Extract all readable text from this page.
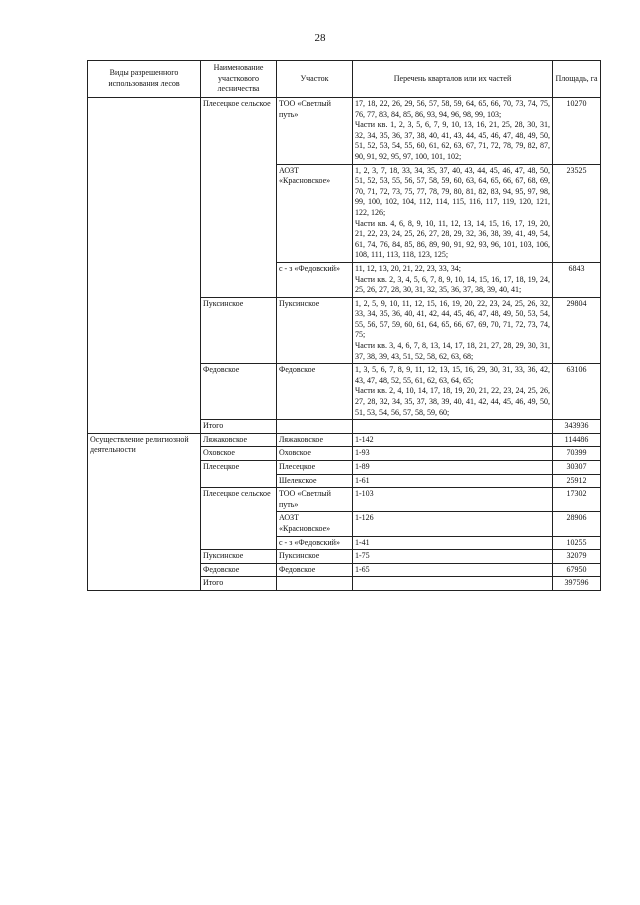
28
Виды разрешенного использования лесов	Наименование участкового лесничества	Участок	Перечень кварталов или их частей	Площадь, га
	Плесецкое сельское	ТОО «Светлый путь»	17, 18, 22, 26, 29, 56, 57, 58, 59, 64, 65, 66, 70, 73, 74, 75, 76, 77, 83, 84, 85, 86, 93, 94, 96, 98, 99, 103;
Части кв. 1, 2, 3, 5, 6, 7, 9, 10, 13, 16, 21, 25, 28, 30, 31, 32, 34, 35, 36, 37, 38, 40, 41, 43, 44, 45, 46, 47, 48, 49, 50, 51, 52, 53, 54, 55, 60, 61, 62, 63, 67, 71, 72, 78, 79, 82, 87, 90, 91, 92, 95, 97, 100, 101, 102;	10270
		АОЗТ «Красновское»	1, 2, 3, 7, 18, 33, 34, 35, 37, 40, 43, 44, 45, 46, 47, 48, 50, 51, 52, 53, 55, 56, 57, 58, 59, 60, 63, 64, 65, 66, 67, 68, 69, 70, 71, 72, 73, 75, 77, 78, 79, 80, 81, 82, 83, 94, 95, 97, 98, 99, 100, 102, 104, 112, 114, 115, 116, 117, 119, 120, 121, 122, 126;
Части кв. 4, 6, 8, 9, 10, 11, 12, 13, 14, 15, 16, 17, 19, 20, 21, 22, 23, 24, 25, 26, 27, 28, 29, 32, 36, 38, 39, 41, 49, 54, 61, 74, 76, 84, 85, 86, 89, 90, 91, 92, 93, 96, 101, 103, 106, 108, 111, 113, 118, 123, 125;	23525
		с - з «Федовский»	11, 12, 13, 20, 21, 22, 23, 33, 34;
Части кв. 2, 3, 4, 5, 6, 7, 8, 9, 10, 14, 15, 16, 17, 18, 19, 24, 25, 26, 27, 28, 30, 31, 32, 35, 36, 37, 38, 39, 40, 41;	6843
	Пуксинское	Пуксинское	1, 2, 5, 9, 10, 11, 12, 15, 16, 19, 20, 22, 23, 24, 25, 26, 32, 33, 34, 35, 36, 40, 41, 42, 44, 45, 46, 47, 48, 49, 50, 53, 54, 55, 56, 57, 59, 60, 61, 64, 65, 66, 67, 69, 70, 71, 72, 73, 74, 75;
Части кв. 3, 4, 6, 7, 8, 13, 14, 17, 18, 21, 27, 28, 29, 30, 31, 37, 38, 39, 43, 51, 52, 58, 62, 63, 68;	29804
	Федовское	Федовское	1, 3, 5, 6, 7, 8, 9, 11, 12, 13, 15, 16, 29, 30, 31, 33, 36, 42, 43, 47, 48, 52, 55, 61, 62, 63, 64, 65;
Части кв. 2, 4, 10, 14, 17, 18, 19, 20, 21, 22, 23, 24, 25, 26, 27, 28, 32, 34, 35, 37, 38, 39, 40, 41, 42, 44, 45, 46, 49, 50, 51, 53, 54, 56, 57, 58, 59, 60;	63106
	Итого			343936
Осуществление религиозной деятельности	Ляжаковское	Ляжаковское	1-142	114486
	Оховское	Оховское	1-93	70399
	Плесецкое	Плесецкое	1-89	30307
		Шелекское	1-61	25912
	Плесецкое сельское	ТОО «Светлый путь»	1-103	17302
		АОЗТ «Красновское»	1-126	28906
		с - з «Федовский»	1-41	10255
	Пуксинское	Пуксинское	1-75	32079
	Федовское	Федовское	1-65	67950
	Итого			397596
